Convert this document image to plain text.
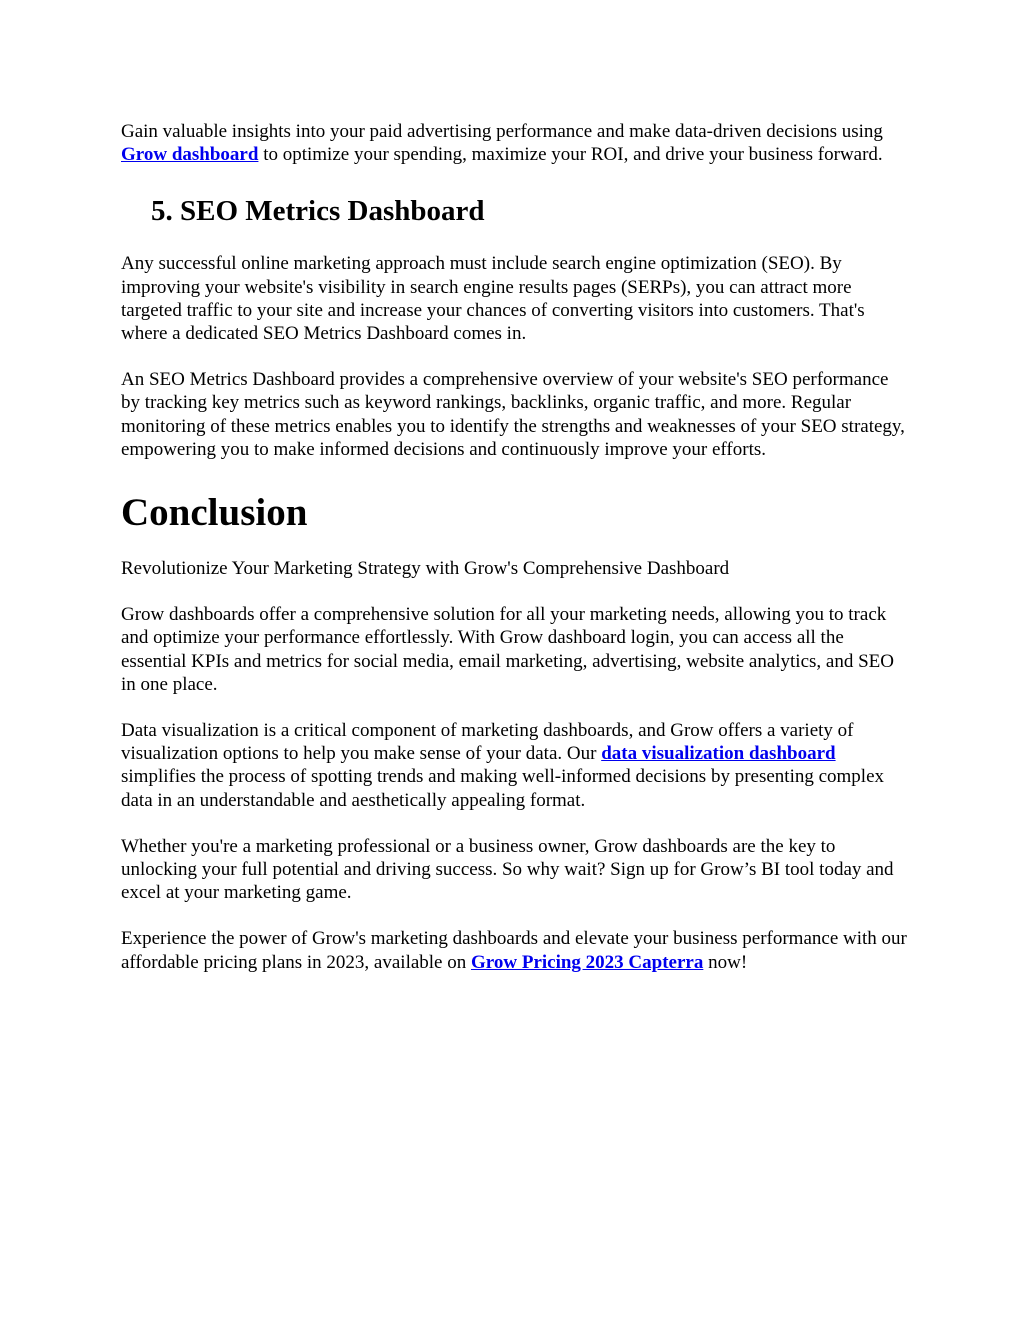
Gain valuable insights into your paid advertising performance and make data-driven decisions using Grow dashboard to optimize your spending, maximize your ROI, and drive your business forward.

5. SEO Metrics Dashboard

Any successful online marketing approach must include search engine optimization (SEO). By improving your website's visibility in search engine results pages (SERPs), you can attract more targeted traffic to your site and increase your chances of converting visitors into customers. That's where a dedicated SEO Metrics Dashboard comes in.

An SEO Metrics Dashboard provides a comprehensive overview of your website's SEO performance by tracking key metrics such as keyword rankings, backlinks, organic traffic, and more. Regular monitoring of these metrics enables you to identify the strengths and weaknesses of your SEO strategy, empowering you to make informed decisions and continuously improve your efforts.

Conclusion

Revolutionize Your Marketing Strategy with Grow's Comprehensive Dashboard

Grow dashboards offer a comprehensive solution for all your marketing needs, allowing you to track and optimize your performance effortlessly. With Grow dashboard login, you can access all the essential KPIs and metrics for social media, email marketing, advertising, website analytics, and SEO in one place.

Data visualization is a critical component of marketing dashboards, and Grow offers a variety of visualization options to help you make sense of your data. Our data visualization dashboard simplifies the process of spotting trends and making well-informed decisions by presenting complex data in an understandable and aesthetically appealing format.

Whether you're a marketing professional or a business owner, Grow dashboards are the key to unlocking your full potential and driving success. So why wait? Sign up for Grow’s BI tool today and excel at your marketing game.

Experience the power of Grow's marketing dashboards and elevate your business performance with our affordable pricing plans in 2023, available on Grow Pricing 2023 Capterra now!
